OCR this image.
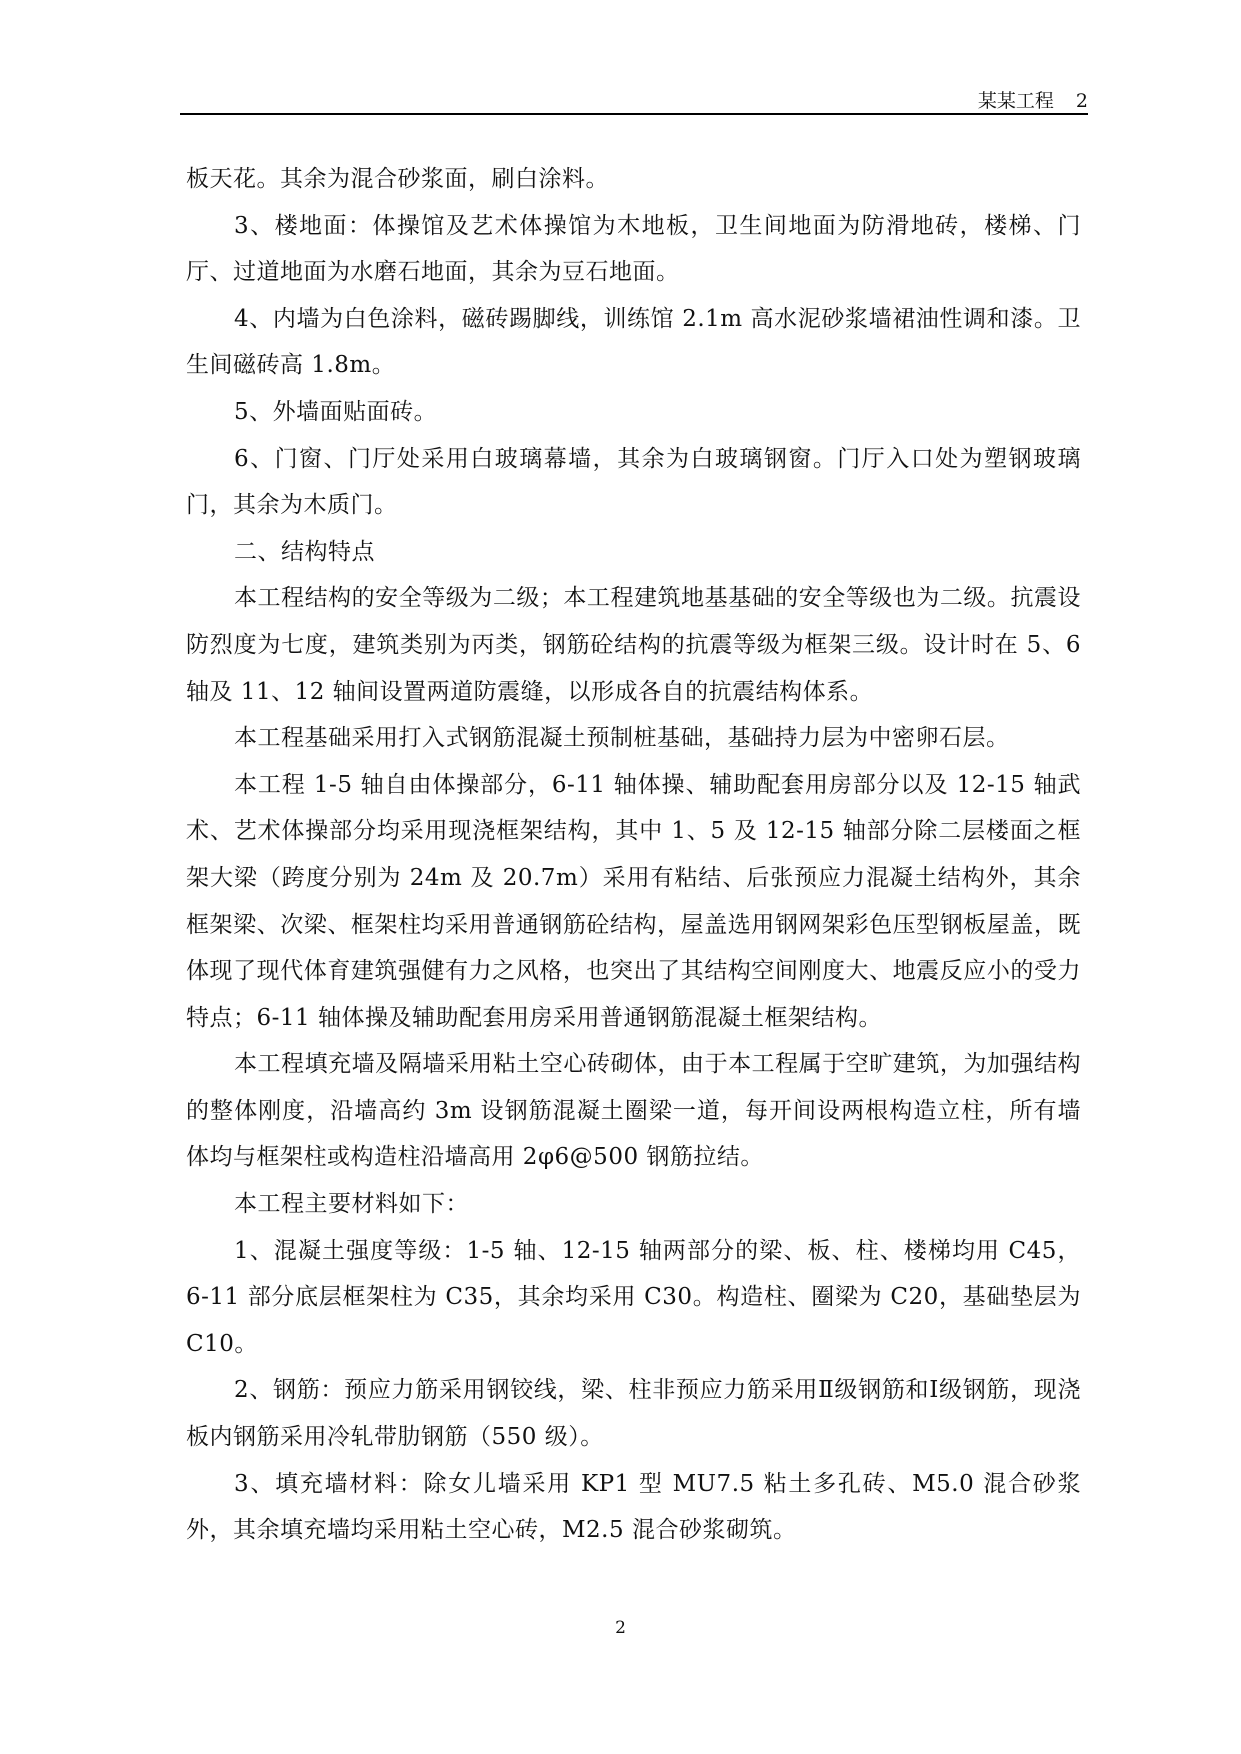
某某工程 2

板天花。其余为混合砂浆面，刷白涂料。

3、楼地面：体操馆及艺术体操馆为木地板，卫生间地面为防滑地砖，楼梯、门厅、过道地面为水磨石地面，其余为豆石地面。

4、内墙为白色涂料，磁砖踢脚线，训练馆 2.1m 高水泥砂浆墙裙油性调和漆。卫生间磁砖高 1.8m。

5、外墙面贴面砖。

6、门窗、门厅处采用白玻璃幕墙，其余为白玻璃钢窗。门厅入口处为塑钢玻璃门，其余为木质门。

二、结构特点

本工程结构的安全等级为二级；本工程建筑地基基础的安全等级也为二级。抗震设防烈度为七度，建筑类别为丙类，钢筋砼结构的抗震等级为框架三级。设计时在 5、6 轴及 11、12 轴间设置两道防震缝，以形成各自的抗震结构体系。

本工程基础采用打入式钢筋混凝土预制桩基础，基础持力层为中密卵石层。

本工程 1-5 轴自由体操部分，6-11 轴体操、辅助配套用房部分以及 12-15 轴武术、艺术体操部分均采用现浇框架结构，其中 1、5 及 12-15 轴部分除二层楼面之框架大梁（跨度分别为 24m 及 20.7m）采用有粘结、后张预应力混凝土结构外，其余框架梁、次梁、框架柱均采用普通钢筋砼结构，屋盖选用钢网架彩色压型钢板屋盖，既体现了现代体育建筑强健有力之风格，也突出了其结构空间刚度大、地震反应小的受力特点；6-11 轴体操及辅助配套用房采用普通钢筋混凝土框架结构。

本工程填充墙及隔墙采用粘土空心砖砌体，由于本工程属于空旷建筑，为加强结构的整体刚度，沿墙高约 3m 设钢筋混凝土圈梁一道，每开间设两根构造立柱，所有墙体均与框架柱或构造柱沿墙高用 2φ6@500 钢筋拉结。

本工程主要材料如下：

1、混凝土强度等级：1-5 轴、12-15 轴两部分的梁、板、柱、楼梯均用 C45，6-11 部分底层框架柱为 C35，其余均采用 C30。构造柱、圈梁为 C20，基础垫层为 C10。

2、钢筋：预应力筋采用钢铰线，梁、柱非预应力筋采用Ⅱ级钢筋和Ⅰ级钢筋，现浇板内钢筋采用冷轧带肋钢筋（550 级）。

3、填充墙材料：除女儿墙采用 KP1 型 MU7.5 粘土多孔砖、M5.0 混合砂浆外，其余填充墙均采用粘土空心砖，M2.5 混合砂浆砌筑。

2
